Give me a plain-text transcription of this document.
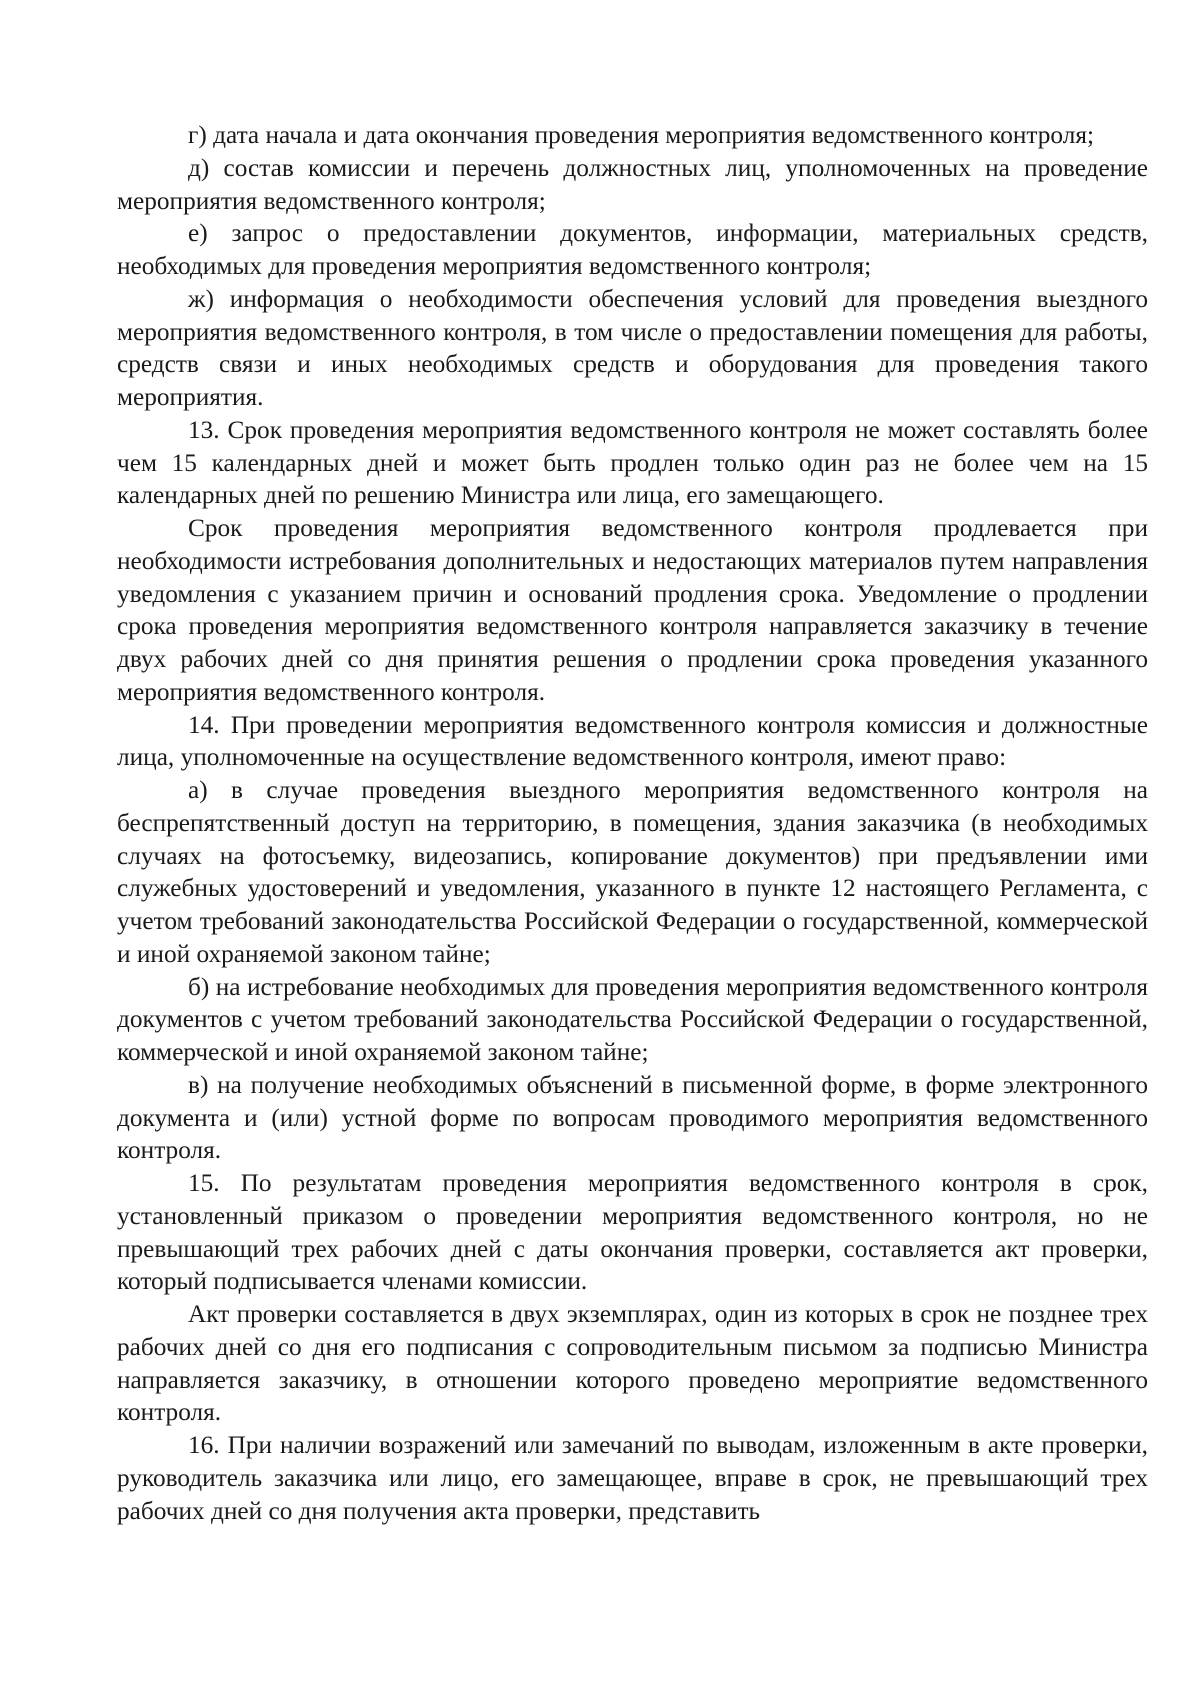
г) дата начала и дата окончания проведения мероприятия ведомственного контроля;

д) состав комиссии и перечень должностных лиц, уполномоченных на проведение мероприятия ведомственного контроля;

е) запрос о предоставлении документов, информации, материальных средств, необходимых для проведения мероприятия ведомственного контроля;

ж) информация о необходимости обеспечения условий для проведения выездного мероприятия ведомственного контроля, в том числе о предоставлении помещения для работы, средств связи и иных необходимых средств и оборудования для проведения такого мероприятия.

13. Срок проведения мероприятия ведомственного контроля не может составлять более чем 15 календарных дней и может быть продлен только один раз не более чем на 15 календарных дней по решению Министра или лица, его замещающего.

Срок проведения мероприятия ведомственного контроля продлевается при необходимости истребования дополнительных и недостающих материалов путем направления уведомления с указанием причин и оснований продления срока. Уведомление о продлении срока проведения мероприятия ведомственного контроля направляется заказчику в течение двух рабочих дней со дня принятия решения о продлении срока проведения указанного мероприятия ведомственного контроля.

14. При проведении мероприятия ведомственного контроля комиссия и должностные лица, уполномоченные на осуществление ведомственного контроля, имеют право:

а) в случае проведения выездного мероприятия ведомственного контроля на беспрепятственный доступ на территорию, в помещения, здания заказчика (в необходимых случаях на фотосъемку, видеозапись, копирование документов) при предъявлении ими служебных удостоверений и уведомления, указанного в пункте 12 настоящего Регламента, с учетом требований законодательства Российской Федерации о государственной, коммерческой и иной охраняемой законом тайне;

б) на истребование необходимых для проведения мероприятия ведомственного контроля документов с учетом требований законодательства Российской Федерации о государственной, коммерческой и иной охраняемой законом тайне;

в) на получение необходимых объяснений в письменной форме, в форме электронного документа и (или) устной форме по вопросам проводимого мероприятия ведомственного контроля.

15. По результатам проведения мероприятия ведомственного контроля в срок, установленный приказом о проведении мероприятия ведомственного контроля, но не превышающий трех рабочих дней с даты окончания проверки, составляется акт проверки, который подписывается членами комиссии.

Акт проверки составляется в двух экземплярах, один из которых в срок не позднее трех рабочих дней со дня его подписания с сопроводительным письмом за подписью Министра направляется заказчику, в отношении которого проведено мероприятие ведомственного контроля.

16. При наличии возражений или замечаний по выводам, изложенным в акте проверки, руководитель заказчика или лицо, его замещающее, вправе в срок, не превышающий трех рабочих дней со дня получения акта проверки, представить
